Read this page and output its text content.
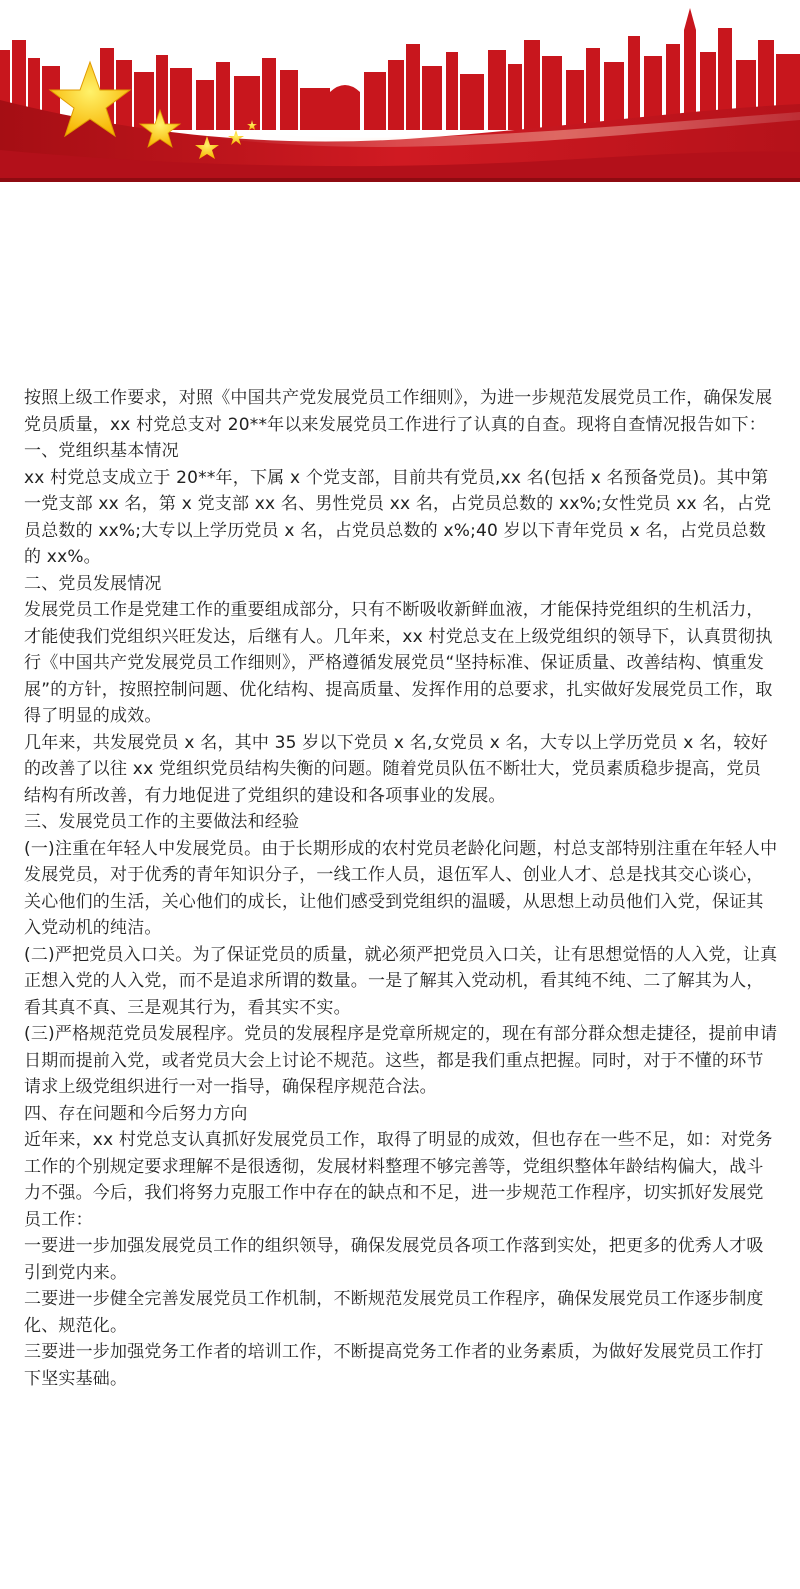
按照上级工作要求，对照《中国共产党发展党员工作细则》，为进一步规范发展党员工作，确保发展党员质量，xx 村党总支对 20**年以来发展党员工作进行了认真的自查。现将自查情况报告如下：

一、党组织基本情况

xx 村党总支成立于 20**年，下属 x 个党支部，目前共有党员,xx 名(包括 x 名预备党员)。其中第一党支部 xx 名，第 x 党支部 xx 名、男性党员 xx 名，占党员总数的 xx%;女性党员 xx 名，占党员总数的 xx%;大专以上学历党员 x 名，占党员总数的 x%;40 岁以下青年党员 x 名，占党员总数的 xx%。

二、党员发展情况

发展党员工作是党建工作的重要组成部分，只有不断吸收新鲜血液，才能保持党组织的生机活力，才能使我们党组织兴旺发达，后继有人。几年来，xx 村党总支在上级党组织的领导下，认真贯彻执行《中国共产党发展党员工作细则》，严格遵循发展党员“坚持标准、保证质量、改善结构、慎重发展”的方针，按照控制问题、优化结构、提高质量、发挥作用的总要求，扎实做好发展党员工作，取得了明显的成效。

几年来，共发展党员 x 名，其中 35 岁以下党员 x 名,女党员 x 名，大专以上学历党员 x 名，较好的改善了以往 xx 党组织党员结构失衡的问题。随着党员队伍不断壮大，党员素质稳步提高，党员结构有所改善，有力地促进了党组织的建设和各项事业的发展。

三、发展党员工作的主要做法和经验

(一)注重在年轻人中发展党员。由于长期形成的农村党员老龄化问题，村总支部特别注重在年轻人中发展党员，对于优秀的青年知识分子，一线工作人员，退伍军人、创业人才、总是找其交心谈心，关心他们的生活，关心他们的成长，让他们感受到党组织的温暖，从思想上动员他们入党，保证其入党动机的纯洁。

(二)严把党员入口关。为了保证党员的质量，就必须严把党员入口关，让有思想觉悟的人入党，让真正想入党的人入党，而不是追求所谓的数量。一是了解其入党动机，看其纯不纯、二了解其为人，看其真不真、三是观其行为，看其实不实。

(三)严格规范党员发展程序。党员的发展程序是党章所规定的，现在有部分群众想走捷径，提前申请日期而提前入党，或者党员大会上讨论不规范。这些，都是我们重点把握。同时，对于不懂的环节请求上级党组织进行一对一指导，确保程序规范合法。

四、存在问题和今后努力方向

近年来，xx 村党总支认真抓好发展党员工作，取得了明显的成效，但也存在一些不足，如：对党务工作的个别规定要求理解不是很透彻，发展材料整理不够完善等，党组织整体年龄结构偏大，战斗力不强。今后，我们将努力克服工作中存在的缺点和不足，进一步规范工作程序，切实抓好发展党员工作：

一要进一步加强发展党员工作的组织领导，确保发展党员各项工作落到实处，把更多的优秀人才吸引到党内来。

二要进一步健全完善发展党员工作机制，不断规范发展党员工作程序，确保发展党员工作逐步制度化、规范化。

三要进一步加强党务工作者的培训工作，不断提高党务工作者的业务素质，为做好发展党员工作打下坚实基础。
